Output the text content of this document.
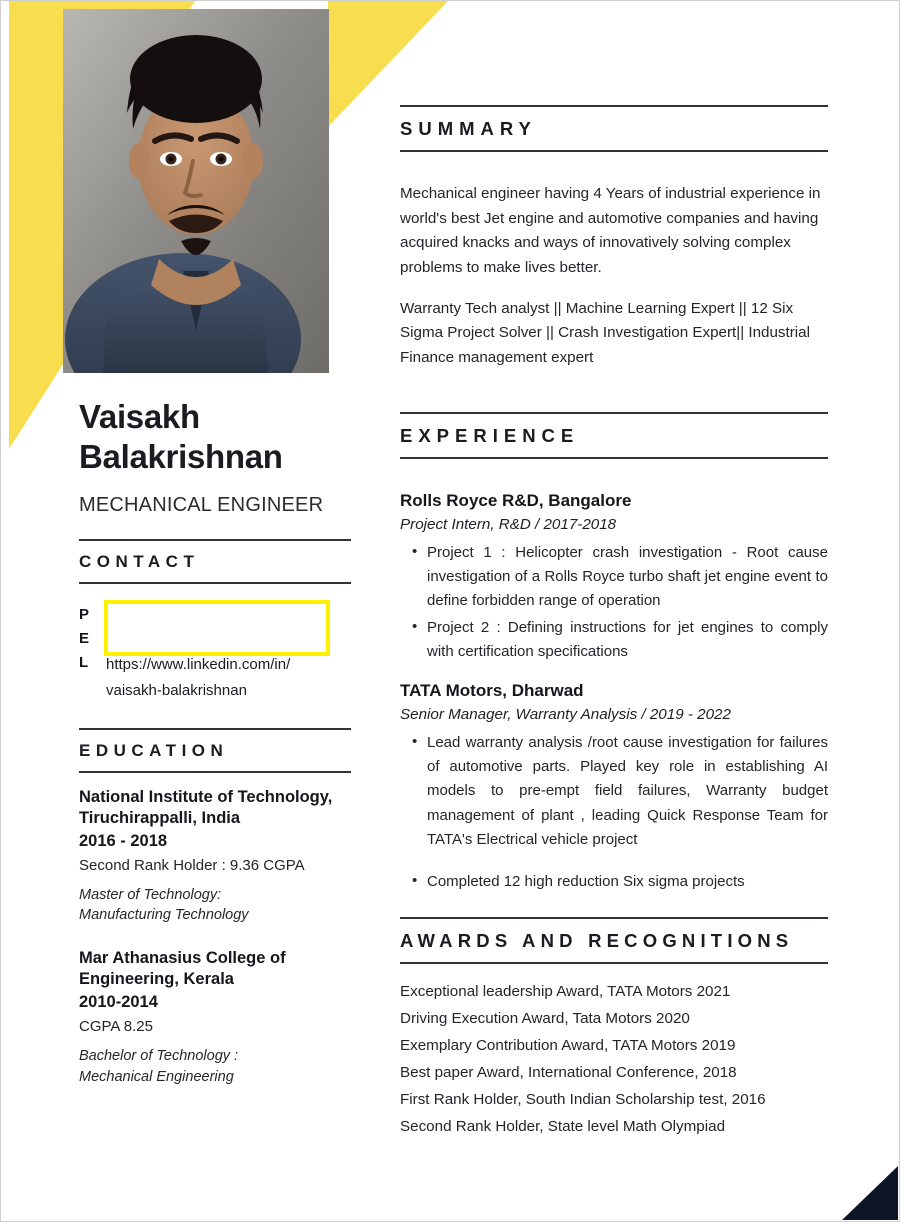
Vaisakh
Balakrishnan
MECHANICAL ENGINEER
CONTACT
P
E
L	https://www.linkedin.com/in/
vaisakh-balakrishnan
EDUCATION
National Institute of Technology,
Tiruchirappalli, India
2016 - 2018
Second Rank Holder : 9.36 CGPA
Master of Technology:
Manufacturing Technology
Mar Athanasius College of
Engineering, Kerala
2010-2014
CGPA 8.25
Bachelor of Technology :
Mechanical Engineering
SUMMARY

Mechanical engineer having 4 Years of industrial experience in world's best Jet engine and automotive companies and having acquired knacks and ways of innovatively solving complex problems to make lives better.

Warranty Tech analyst || Machine Learning Expert || 12 Six Sigma Project Solver || Crash Investigation Expert|| Industrial Finance management expert

EXPERIENCE
Rolls Royce R&D, Bangalore
Project Intern, R&D / 2017-2018
• Project 1 : Helicopter crash investigation - Root cause investigation of a Rolls Royce turbo shaft jet engine event to define forbidden range of operation
• Project 2 : Defining instructions for jet engines to comply with certification specifications
TATA Motors, Dharwad
Senior Manager, Warranty Analysis / 2019 - 2022
• Lead warranty analysis /root cause investigation for failures of automotive parts. Played key role in establishing AI models to pre-empt field failures, Warranty budget management of plant , leading Quick Response Team for TATA's Electrical vehicle project
• Completed 12 high reduction Six sigma projects
AWARDS AND RECOGNITIONS
Exceptional leadership Award, TATA Motors 2021
Driving Execution Award, Tata Motors 2020
Exemplary Contribution Award, TATA Motors 2019
Best paper Award, International Conference, 2018
First Rank Holder, South Indian Scholarship test, 2016
Second Rank Holder, State level Math Olympiad
